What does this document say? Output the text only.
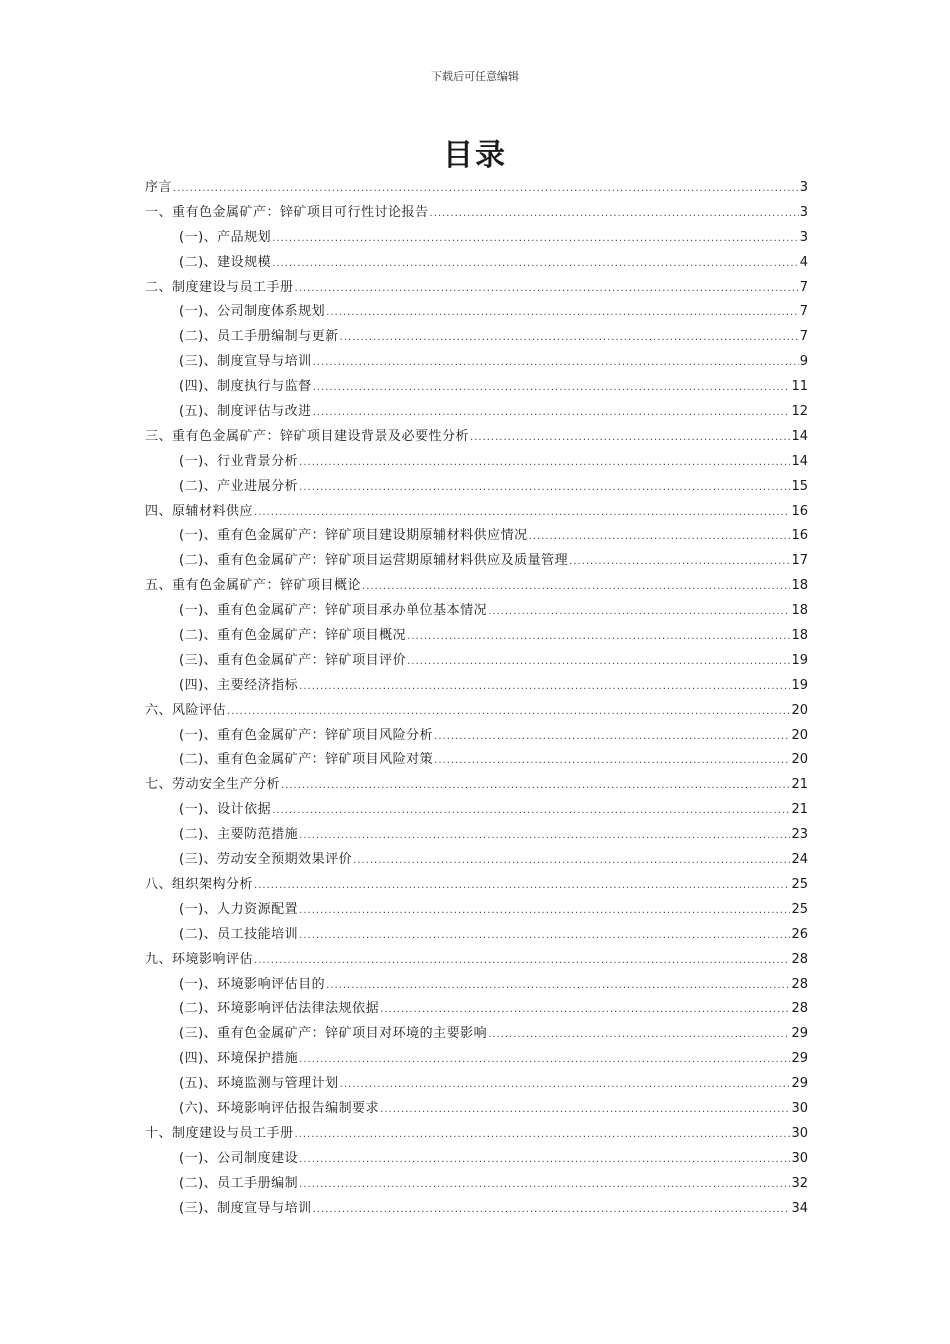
下载后可任意编辑
目录
序言 .....	3
一、重有色金属矿产：锌矿项目可行性讨论报告 .....	3
(一)、产品规划 .....	3
(二)、建设规模 .....	4
二、制度建设与员工手册 .....	7
(一)、公司制度体系规划 .....	7
(二)、员工手册编制与更新 .....	7
(三)、制度宣导与培训 .....	9
(四)、制度执行与监督 .....	11
(五)、制度评估与改进 .....	12
三、重有色金属矿产：锌矿项目建设背景及必要性分析 .....	14
(一)、行业背景分析 .....	14
(二)、产业进展分析 .....	15
四、原辅材料供应 .....	16
(一)、重有色金属矿产：锌矿项目建设期原辅材料供应情况 .....	16
(二)、重有色金属矿产：锌矿项目运营期原辅材料供应及质量管理 .....	17
五、重有色金属矿产：锌矿项目概论 .....	18
(一)、重有色金属矿产：锌矿项目承办单位基本情况 .....	18
(二)、重有色金属矿产：锌矿项目概况 .....	18
(三)、重有色金属矿产：锌矿项目评价 .....	19
(四)、主要经济指标 .....	19
六、风险评估 .....	20
(一)、重有色金属矿产：锌矿项目风险分析 .....	20
(二)、重有色金属矿产：锌矿项目风险对策 .....	20
七、劳动安全生产分析 .....	21
(一)、设计依据 .....	21
(二)、主要防范措施 .....	23
(三)、劳动安全预期效果评价 .....	24
八、组织架构分析 .....	25
(一)、人力资源配置 .....	25
(二)、员工技能培训 .....	26
九、环境影响评估 .....	28
(一)、环境影响评估目的 .....	28
(二)、环境影响评估法律法规依据 .....	28
(三)、重有色金属矿产：锌矿项目对环境的主要影响 .....	29
(四)、环境保护措施 .....	29
(五)、环境监测与管理计划 .....	29
(六)、环境影响评估报告编制要求 .....	30
十、制度建设与员工手册 .....	30
(一)、公司制度建设 .....	30
(二)、员工手册编制 .....	32
(三)、制度宣导与培训 .....	34
